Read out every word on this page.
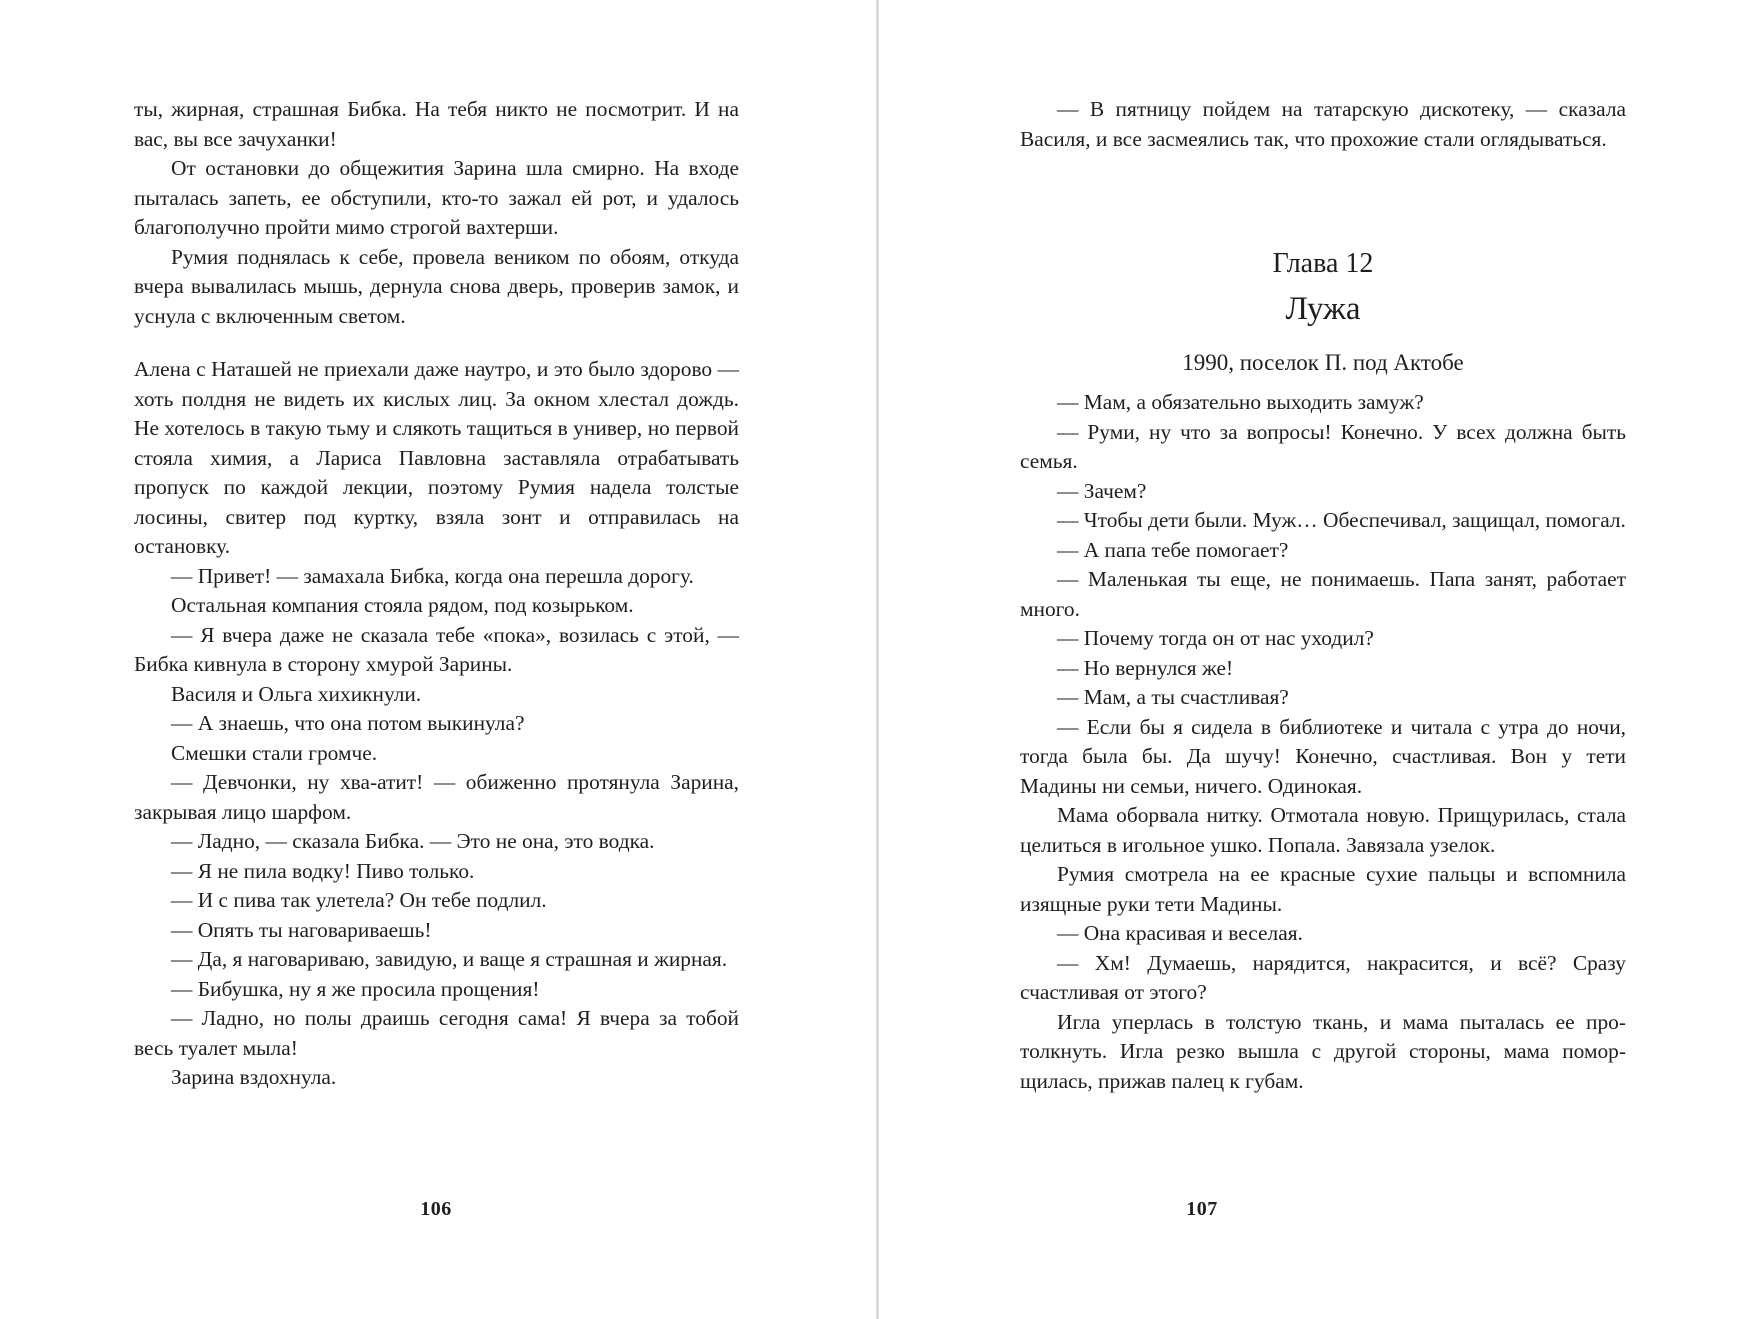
ты, жирная, страшная Бибка. На тебя никто не посмотрит. И на вас, вы все зачуханки!

От остановки до общежития Зарина шла смирно. На входе пыталась запеть, ее обступили, кто-то зажал ей рот, и удалось благополучно пройти мимо строгой вахтерши.

Румия поднялась к себе, провела веником по обоям, откуда вчера вывалилась мышь, дернула снова дверь, проверив замок, и уснула с включенным светом.

Алена с Наташей не приехали даже наутро, и это было здорово — хоть полдня не видеть их кислых лиц. За окном хлестал дождь. Не хотелось в такую тьму и слякоть тащиться в универ, но первой стояла химия, а Лариса Павловна заставляла отрабатывать пропуск по каждой лекции, поэтому Румия надела толстые лосины, свитер под куртку, взяла зонт и отправилась на остановку.

— Привет! — замахала Бибка, когда она перешла дорогу.

Остальная компания стояла рядом, под козырьком.

— Я вчера даже не сказала тебе «пока», возилась с этой, — Бибка кивнула в сторону хмурой Зарины.

Василя и Ольга хихикнули.

— А знаешь, что она потом выкинула?

Смешки стали громче.

— Девчонки, ну хва-атит! — обиженно протянула Зарина, закрывая лицо шарфом.

— Ладно, — сказала Бибка. — Это не она, это водка.

— Я не пила водку! Пиво только.

— И с пива так улетела? Он тебе подлил.

— Опять ты наговариваешь!

— Да, я наговариваю, завидую, и ваще я страшная и жирная.

— Бибушка, ну я же просила прощения!

— Ладно, но полы драишь сегодня сама! Я вчера за тобой весь туалет мыла!

Зарина вздохнула.

106

— В пятницу пойдем на татарскую дискотеку, — сказала Василя, и все засмеялись так, что прохожие стали оглядываться.

Глава 12
Лужа
1990, поселок П. под Актобе

— Мам, а обязательно выходить замуж?

— Руми, ну что за вопросы! Конечно. У всех должна быть семья.

— Зачем?

— Чтобы дети были. Муж… Обеспечивал, защищал, помогал.

— А папа тебе помогает?

— Маленькая ты еще, не понимаешь. Папа занят, работает много.

— Почему тогда он от нас уходил?

— Но вернулся же!

— Мам, а ты счастливая?

— Если бы я сидела в библиотеке и читала с утра до ночи, тогда была бы. Да шучу! Конечно, счастливая. Вон у тети Мадины ни семьи, ничего. Одинокая.

Мама оборвала нитку. Отмотала новую. Прищурилась, стала целиться в игольное ушко. Попала. Завязала узелок.

Румия смотрела на ее красные сухие пальцы и вспомнила изящные руки тети Мадины.

— Она красивая и веселая.

— Хм! Думаешь, нарядится, накрасится, и всё? Сразу счастливая от этого?

Игла уперлась в толстую ткань, и мама пыталась ее протолкнуть. Игла резко вышла с другой стороны, мама поморщилась, прижав палец к губам.

107
